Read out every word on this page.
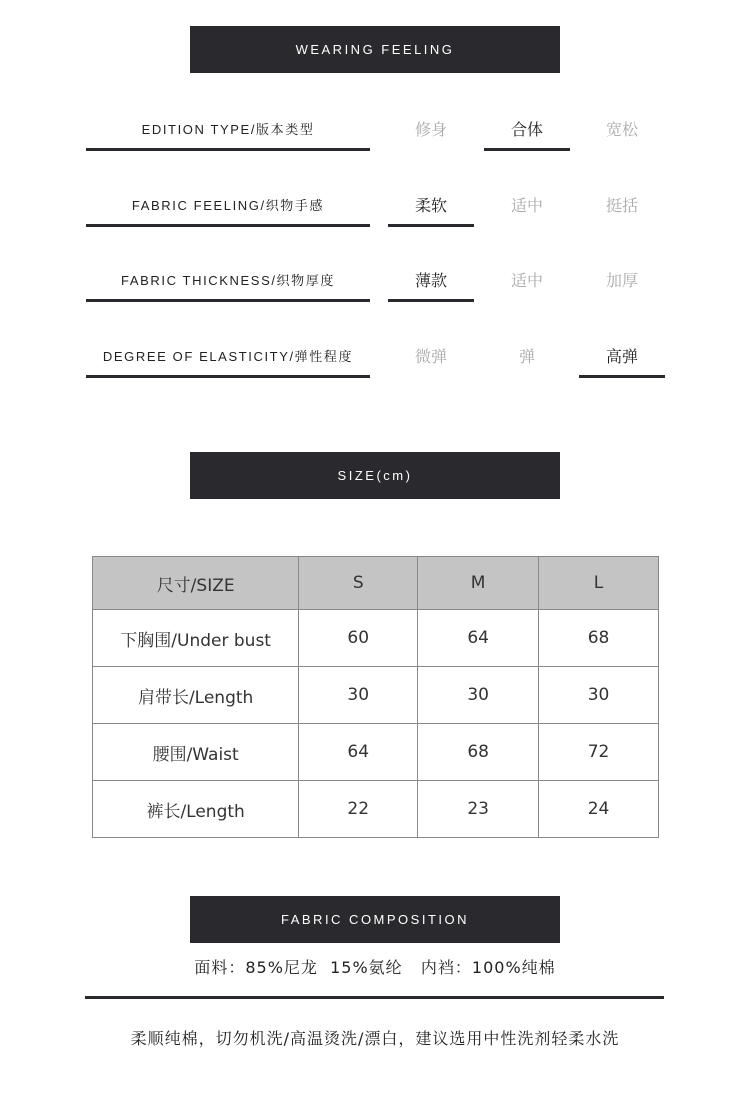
WEARING FEELING
EDITION TYPE/版本类型	修身	合体	宽松
FABRIC FEELING/织物手感	柔软	适中	挺括
FABRIC THICKNESS/织物厚度	薄款	适中	加厚
DEGREE OF ELASTICITY/弹性程度	微弹	弹	高弹
SIZE(cm)
尺寸/SIZE	S	M	L
下胸围/Under bust	60	64	68
肩带长/Length	30	30	30
腰围/Waist	64	68	72
裤长/Length	22	23	24
FABRIC COMPOSITION
面料：85%尼龙  15%氨纶   内裆：100%纯棉
柔顺纯棉，切勿机洗/高温烫洗/漂白，建议选用中性洗剂轻柔水洗
